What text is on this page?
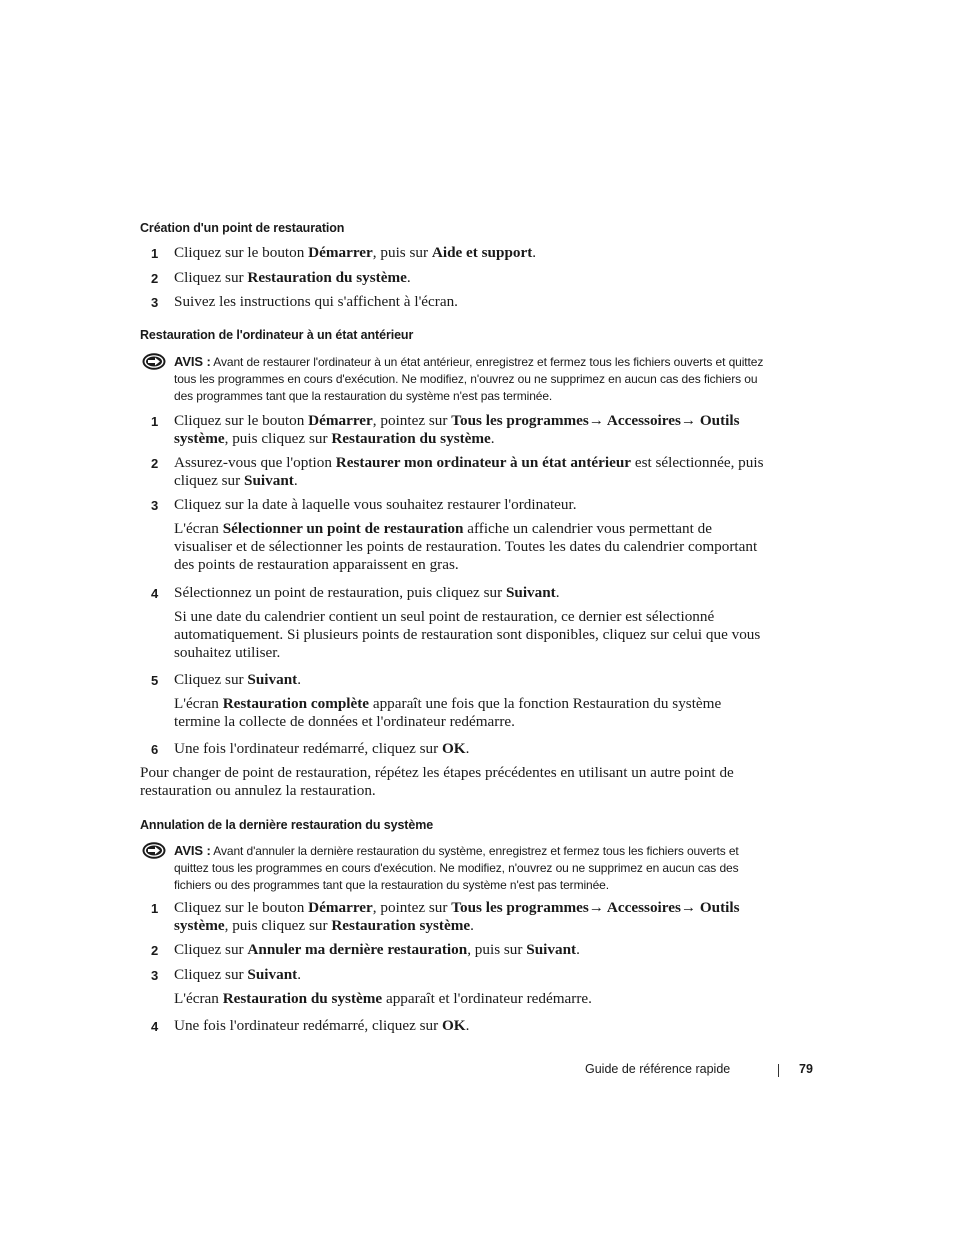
Création d'un point de restauration
1 Cliquez sur le bouton Démarrer, puis sur Aide et support.
2 Cliquez sur Restauration du système.
3 Suivez les instructions qui s'affichent à l'écran.
Restauration de l'ordinateur à un état antérieur
AVIS : Avant de restaurer l'ordinateur à un état antérieur, enregistrez et fermez tous les fichiers ouverts et quittez tous les programmes en cours d'exécution. Ne modifiez, n'ouvrez ou ne supprimez en aucun cas des fichiers ou des programmes tant que la restauration du système n'est pas terminée.
1 Cliquez sur le bouton Démarrer, pointez sur Tous les programmes→ Accessoires→ Outils système, puis cliquez sur Restauration du système.
2 Assurez-vous que l'option Restaurer mon ordinateur à un état antérieur est sélectionnée, puis cliquez sur Suivant.
3 Cliquez sur la date à laquelle vous souhaitez restaurer l'ordinateur.
L'écran Sélectionner un point de restauration affiche un calendrier vous permettant de visualiser et de sélectionner les points de restauration. Toutes les dates du calendrier comportant des points de restauration apparaissent en gras.
4 Sélectionnez un point de restauration, puis cliquez sur Suivant.
Si une date du calendrier contient un seul point de restauration, ce dernier est sélectionné automatiquement. Si plusieurs points de restauration sont disponibles, cliquez sur celui que vous souhaitez utiliser.
5 Cliquez sur Suivant.
L'écran Restauration complète apparaît une fois que la fonction Restauration du système termine la collecte de données et l'ordinateur redémarre.
6 Une fois l'ordinateur redémarré, cliquez sur OK.
Pour changer de point de restauration, répétez les étapes précédentes en utilisant un autre point de restauration ou annulez la restauration.
Annulation de la dernière restauration du système
AVIS : Avant d'annuler la dernière restauration du système, enregistrez et fermez tous les fichiers ouverts et quittez tous les programmes en cours d'exécution. Ne modifiez, n'ouvrez ou ne supprimez en aucun cas des fichiers ou des programmes tant que la restauration du système n'est pas terminée.
1 Cliquez sur le bouton Démarrer, pointez sur Tous les programmes→ Accessoires→ Outils système, puis cliquez sur Restauration système.
2 Cliquez sur Annuler ma dernière restauration, puis sur Suivant.
3 Cliquez sur Suivant.
L'écran Restauration du système apparaît et l'ordinateur redémarre.
4 Une fois l'ordinateur redémarré, cliquez sur OK.
Guide de référence rapide	79
